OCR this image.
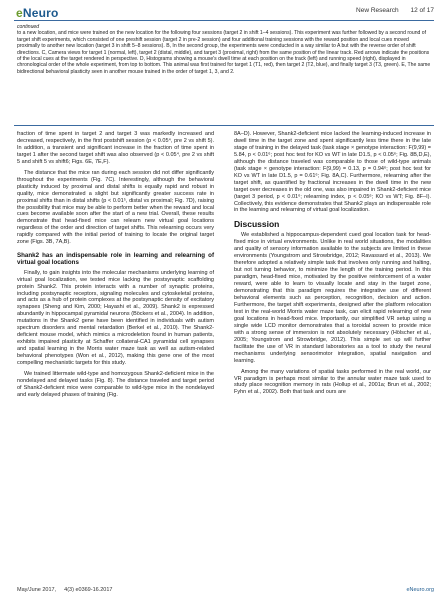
eNeuro	New Research 12 of 17
continued
to a new location, and mice were trained on the new location for the following four sessions (target 2 in shift 1–4 sessions). This experiment was further followed by a second round of target shift experiments, which consisted of one preshift session (target 2 in pre-2 session) and four additional training sessions with the reward position and local cues moved proximally to another new location (target 3 in shift 5–8 sessions). B, In the second group, the experiments were conducted in a way similar to A but with the reverse order of shift directions. C, Camera views for target 1 (normal, left), target 2 (distal, middle), and target 3 (proximal, right) from the same position of the linear track. Red arrows indicate the positions of the local cues at the target rendered in perspective. D, Histograms showing a mouse's dwell time at each position on the track (left) and running speed (right), displayed in chronological order of the whole experiment, from top to bottom. This animal was first trained for target 1 (T1, red), then target 2 (T2, blue), and finally target 3 (T3, green). E, The same bidirectional behavioral plasticity seen in another mouse trained in the order of target 1, 3, and 2.

fraction of time spent in target 2 and target 3 was markedly increased and decreased, respectively, in the first postshift session (p < 0.05⁴, pre 2 vs shift 5). In addition, a transient and significant increase in the fraction of time spent in target 1 after the second target shift was also observed (p < 0.05⁴, pre 2 vs shift 5 and shift 5 vs shift6; Figs. 6E, 7E,F).

The distance that the mice ran during each session did not differ significantly throughout the experiments (Fig. 7C). Interestingly, although the behavioral plasticity induced by proximal and distal shifts is equally rapid and robust in quality, mice demonstrated a slight but significantly greater success rate in proximal shifts than in distal shifts (p < 0.01⁵, distal vs proximal; Fig. 7D), raising the possibility that mice may be able to perform better when the reward and local cues become available soon after the start of a new trial. Overall, these results demonstrate that head-fixed mice can relearn new virtual goal locations regardless of the order and direction of target shifts. This relearning occurs very rapidly compared with the initial period of training to locate the original target zone (Figs. 3B, 7A,B).

Shank2 has an indispensable role in learning and relearning of virtual goal locations

Finally, to gain insights into the molecular mechanisms underlying learning of virtual goal localization, we tested mice lacking the postsynaptic scaffolding protein Shank2. This protein interacts with a number of synaptic proteins, including postsynaptic receptors, signaling molecules and cytoskeletal proteins, and acts as a hub of protein complexes at the postsynaptic density of excitatory synapses (Sheng and Kim, 2000; Hayashi et al., 2009). Shank2 is expressed abundantly in hippocampal pyramidal neurons (Böckers et al., 2004). In addition, mutations in the Shank2 gene have been identified in individuals with autism spectrum disorders and mental retardation (Berkel et al., 2010). The Shank2-deficient mouse model, which mimics a microdeletion found in human patients, exhibits impaired plasticity at Schaffer collateral-CA1 pyramidal cell synapses and spatial learning in the Morris water maze task as well as autism-related behavioral phenotypes (Won et al., 2012), making this gene one of the most compelling mechanistic targets for this study.

We trained littermate wild-type and homozygous Shank2-deficient mice in the nondelayed and delayed tasks (Fig. 8). The distance traveled and target period of Shank2-deficient mice were comparable to wild-type mice in the nondelayed and early delayed phases of training (Fig.

8A–D). However, Shank2-deficient mice lacked the learning-induced increase in dwell time in the target zone and spent significantly less time there in the late stage of training in the delayed task (task stage × genotype interaction: F(9,99) = 5.84, p < 0.01⁶; post hoc test for KO vs WT in late D1.5, p < 0.05⁶; Fig. 8B,D,E), although the distance traveled was comparable to those of wild-type animals (task stage × genotype interaction: F(9,99) = 0.13, p = 0.94⁶; post hoc test for KO vs WT in late D1.5, p = 0.61⁶; Fig. 8A,C). Furthermore, relearning after the target shift, as quantified by fractional increases in the dwell time in the new target over decreases in the old one, was also impaired in Shank2-deficient mice (target 3 period, p < 0.01⁶; relearning index, p < 0.05⁶; KO vs WT; Fig. 8F–I). Collectively, this evidence demonstrates that Shank2 plays an indispensable role in the learning and relearning of virtual goal localization.

Discussion

We established a hippocampus-dependent cued goal location task for head-fixed mice in virtual environments. Unlike in real world situations, the modalities and quality of sensory information available to the subjects are limited in these environments (Youngstrom and Strowbridge, 2012; Ravassard et al., 2013). We therefore adopted a relatively simple task that involves only running and halting, but not turning behavior, to minimize the length of the training period. In this paradigm, head-fixed mice, motivated by the positive reinforcement of a water reward, were able to learn to visually locate and stay in the target zone, demonstrating that this paradigm requires the integrative use of different behavioral elements such as perception, recognition, decision and action. Furthermore, the target shift experiments, designed after the platform relocation test in the real-world Morris water maze task, can elicit rapid relearning of new goal locations in head-fixed mice. Importantly, our simplified VR setup using a single wide LCD monitor demonstrates that a toroidal screen to provide mice with a strong sense of immersion is not absolutely necessary (Hölscher et al., 2005; Youngstrom and Strowbridge, 2012). This simple set up will further facilitate the use of VR in standard laboratories as a tool to study the neural mechanisms underlying sensorimotor integration, spatial navigation and learning.

Among the many variations of spatial tasks performed in the real world, our VR paradigm is perhaps most similar to the annular water maze task used to study place recognition memory in rats (Hollup et al., 2001a; Brun et al., 2002; Fyhn et al., 2002). Both that task and ours are

May/June 2017, 4(3) e0369-16.2017	eNeuro.org
